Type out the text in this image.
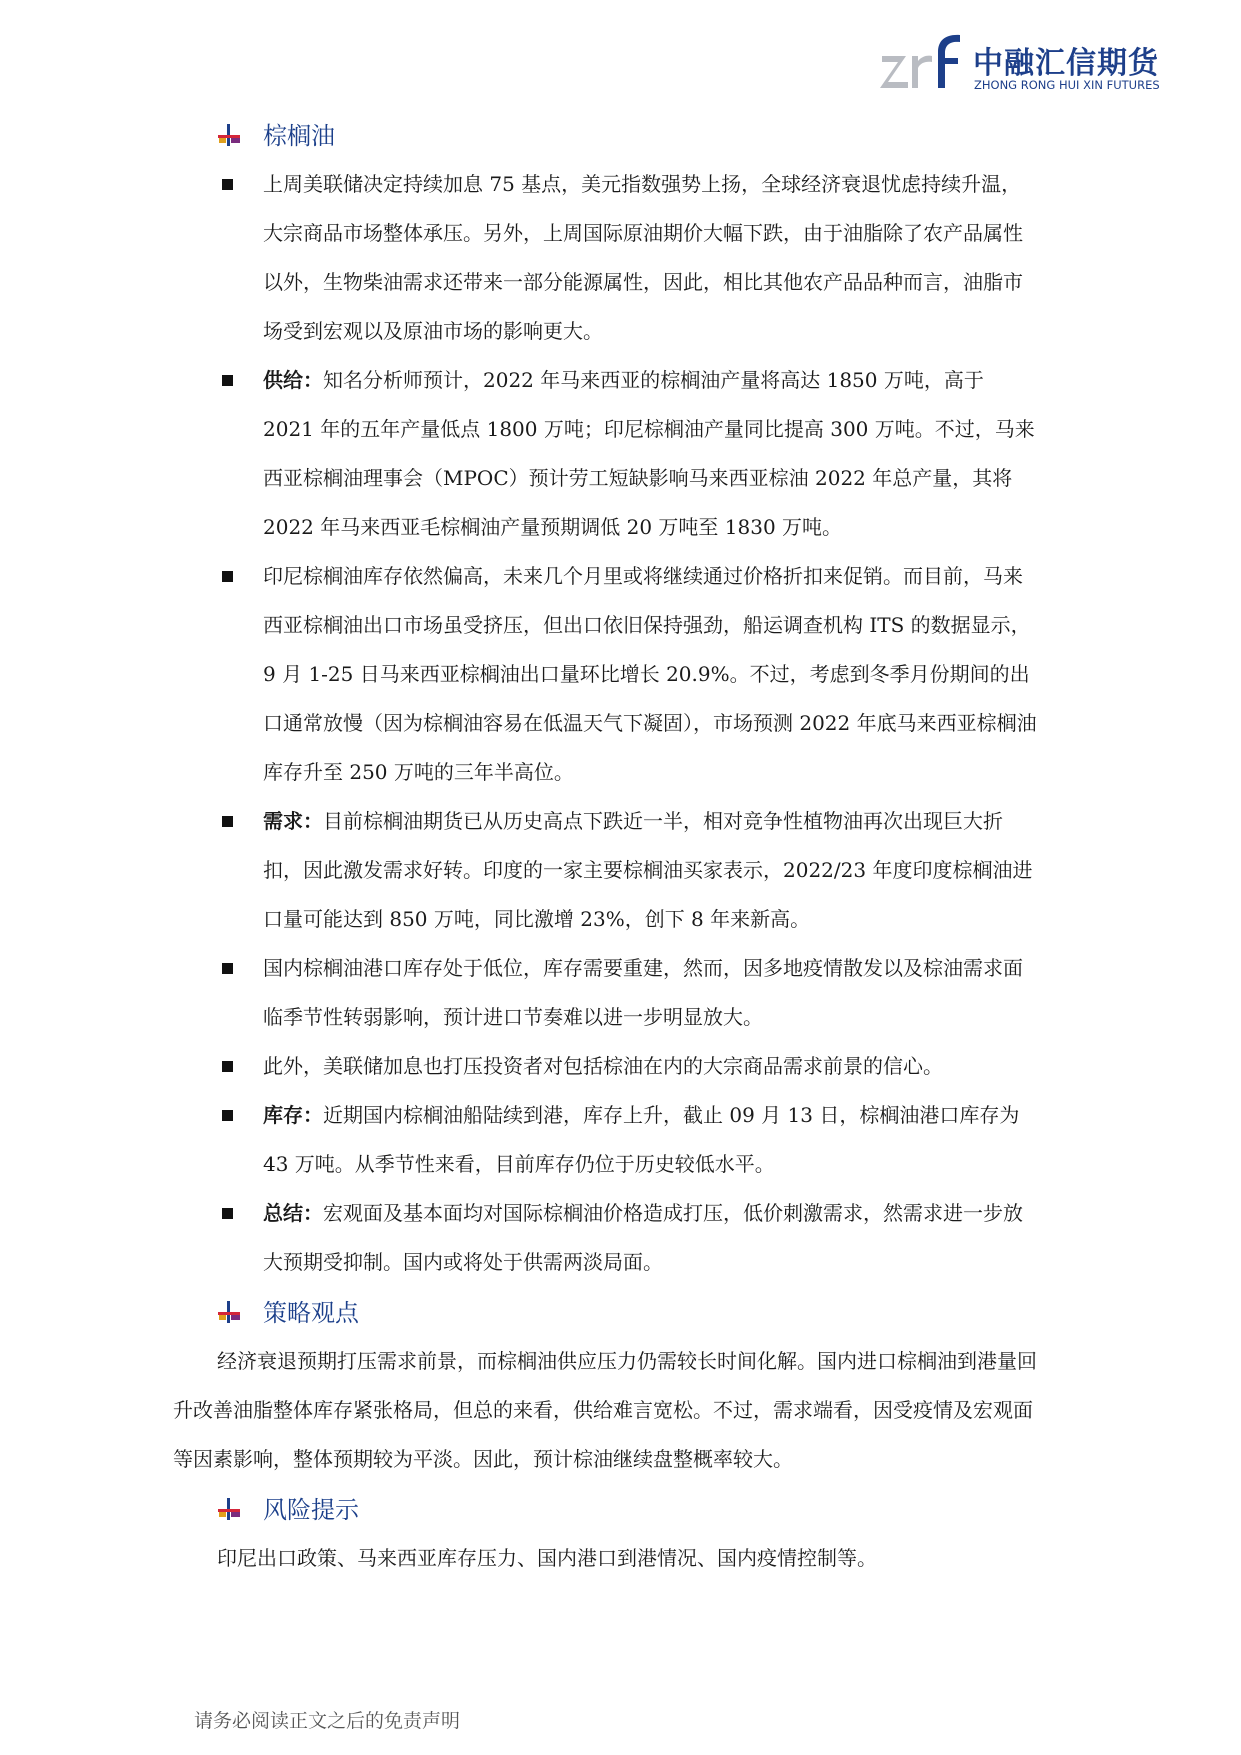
中融汇信期货
ZHONG RONG HUI XIN FUTURES
棕榈油
上周美联储决定持续加息 75 基点，美元指数强势上扬，全球经济衰退忧虑持续升温，大宗商品市场整体承压。另外，上周国际原油期价大幅下跌，由于油脂除了农产品属性以外，生物柴油需求还带来一部分能源属性，因此，相比其他农产品品种而言，油脂市场受到宏观以及原油市场的影响更大。
供给：知名分析师预计，2022 年马来西亚的棕榈油产量将高达 1850 万吨，高于 2021 年的五年产量低点 1800 万吨；印尼棕榈油产量同比提高 300 万吨。不过，马来西亚棕榈油理事会（MPOC）预计劳工短缺影响马来西亚棕油 2022 年总产量，其将 2022 年马来西亚毛棕榈油产量预期调低 20 万吨至 1830 万吨。
印尼棕榈油库存依然偏高，未来几个月里或将继续通过价格折扣来促销。而目前，马来西亚棕榈油出口市场虽受挤压，但出口依旧保持强劲，船运调查机构 ITS 的数据显示，9 月 1-25 日马来西亚棕榈油出口量环比增长 20.9%。不过，考虑到冬季月份期间的出口通常放慢（因为棕榈油容易在低温天气下凝固），市场预测 2022 年底马来西亚棕榈油库存升至 250 万吨的三年半高位。
需求：目前棕榈油期货已从历史高点下跌近一半，相对竞争性植物油再次出现巨大折扣，因此激发需求好转。印度的一家主要棕榈油买家表示，2022/23 年度印度棕榈油进口量可能达到 850 万吨，同比激增 23%，创下 8 年来新高。
国内棕榈油港口库存处于低位，库存需要重建，然而，因多地疫情散发以及棕油需求面临季节性转弱影响，预计进口节奏难以进一步明显放大。
此外，美联储加息也打压投资者对包括棕油在内的大宗商品需求前景的信心。
库存：近期国内棕榈油船陆续到港，库存上升，截止 09 月 13 日，棕榈油港口库存为 43 万吨。从季节性来看，目前库存仍位于历史较低水平。
总结：宏观面及基本面均对国际棕榈油价格造成打压，低价刺激需求，然需求进一步放大预期受抑制。国内或将处于供需两淡局面。
策略观点

经济衰退预期打压需求前景，而棕榈油供应压力仍需较长时间化解。国内进口棕榈油到港量回升改善油脂整体库存紧张格局，但总的来看，供给难言宽松。不过，需求端看，因受疫情及宏观面等因素影响，整体预期较为平淡。因此，预计棕油继续盘整概率较大。

风险提示

印尼出口政策、马来西亚库存压力、国内港口到港情况、国内疫情控制等。

请务必阅读正文之后的免责声明
